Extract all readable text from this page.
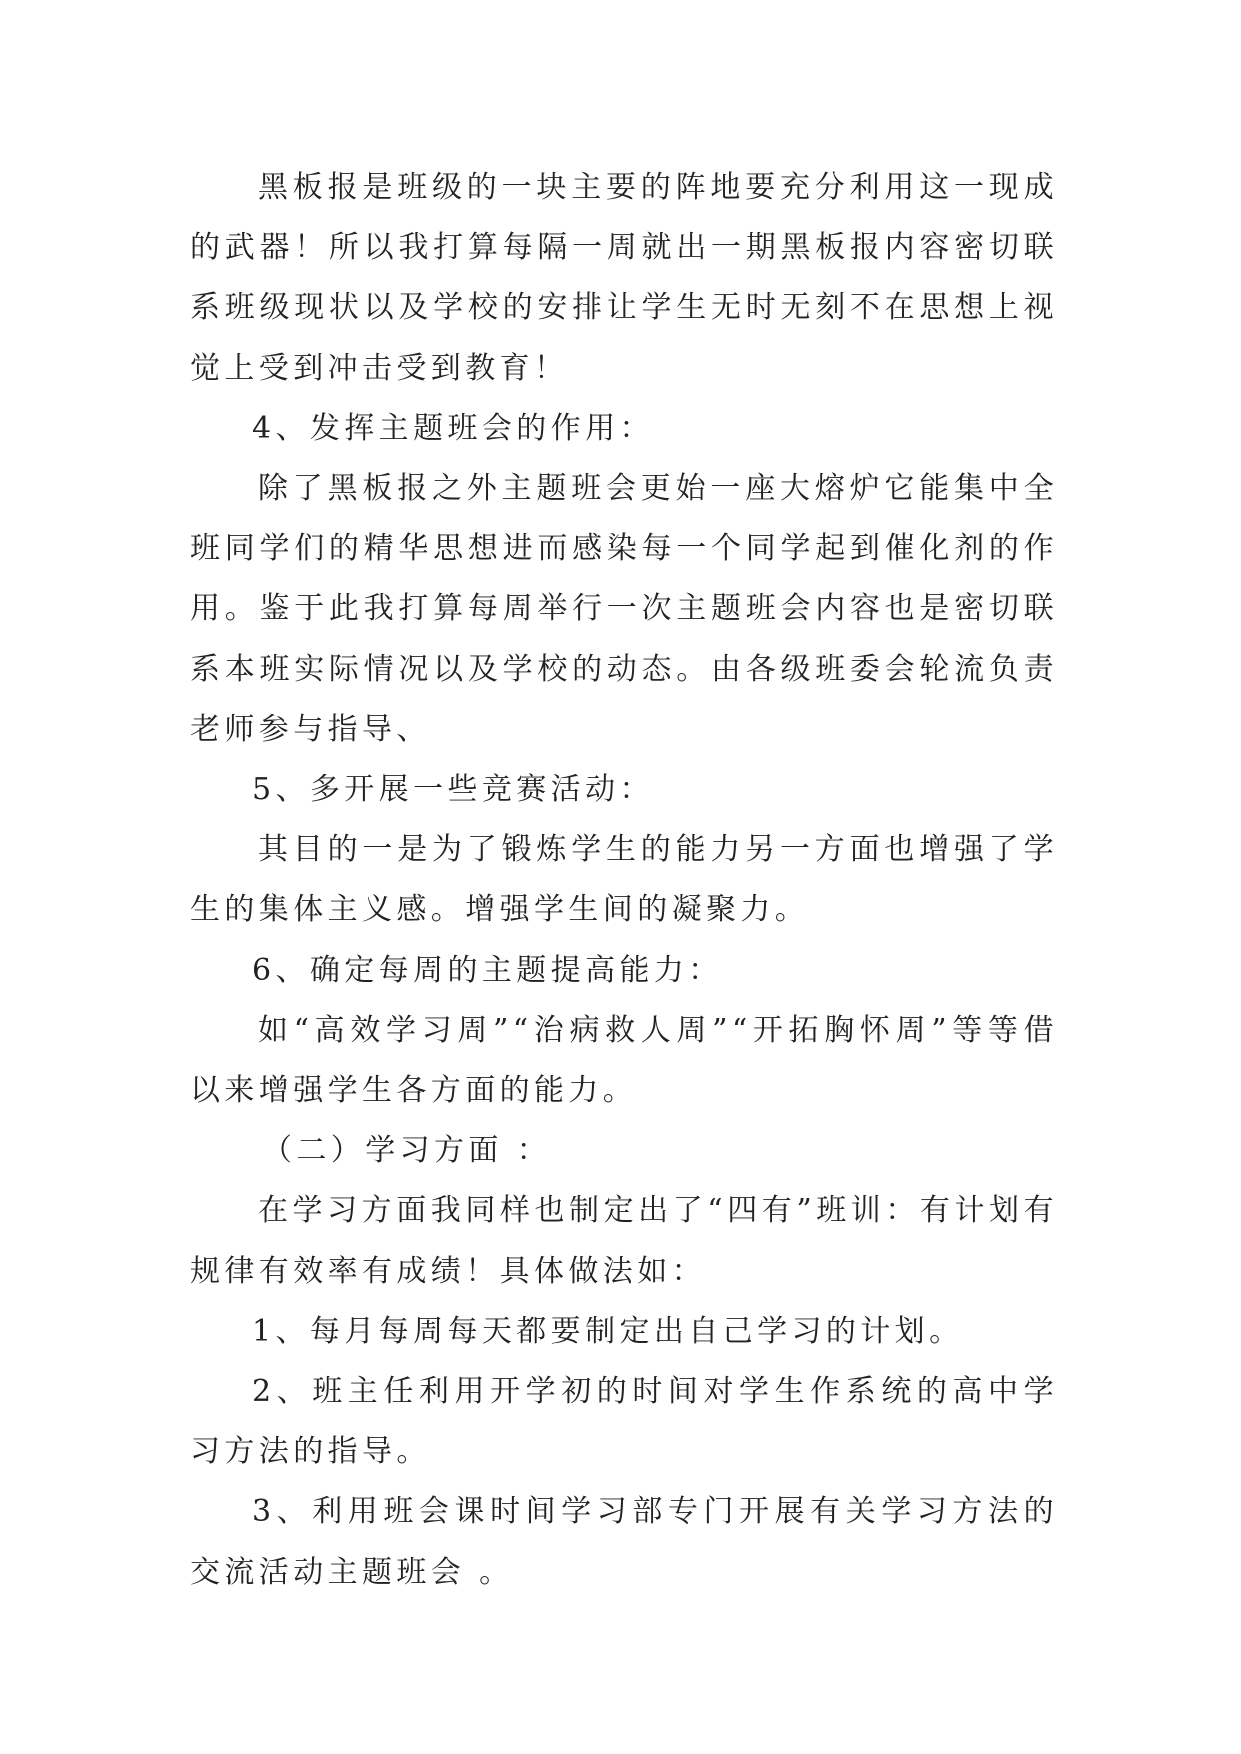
黑板报是班级的一块主要的阵地要充分利用这一现成的武器！所以我打算每隔一周就出一期黑板报内容密切联系班级现状以及学校的安排让学生无时无刻不在思想上视觉上受到冲击受到教育！

4、发挥主题班会的作用：

除了黑板报之外主题班会更始一座大熔炉它能集中全班同学们的精华思想进而感染每一个同学起到催化剂的作用。鉴于此我打算每周举行一次主题班会内容也是密切联系本班实际情况以及学校的动态。由各级班委会轮流负责老师参与指导、

5、多开展一些竞赛活动：

其目的一是为了锻炼学生的能力另一方面也增强了学生的集体主义感。增强学生间的凝聚力。

6、确定每周的主题提高能力：

如“高效学习周”“治病救人周”“开拓胸怀周”等等借以来增强学生各方面的能力。

（二）学习方面 ：

在学习方面我同样也制定出了“四有”班训：有计划有规律有效率有成绩！具体做法如：

1、每月每周每天都要制定出自己学习的计划。

2、班主任利用开学初的时间对学生作系统的高中学习方法的指导。

3、利用班会课时间学习部专门开展有关学习方法的交流活动主题班会 。
